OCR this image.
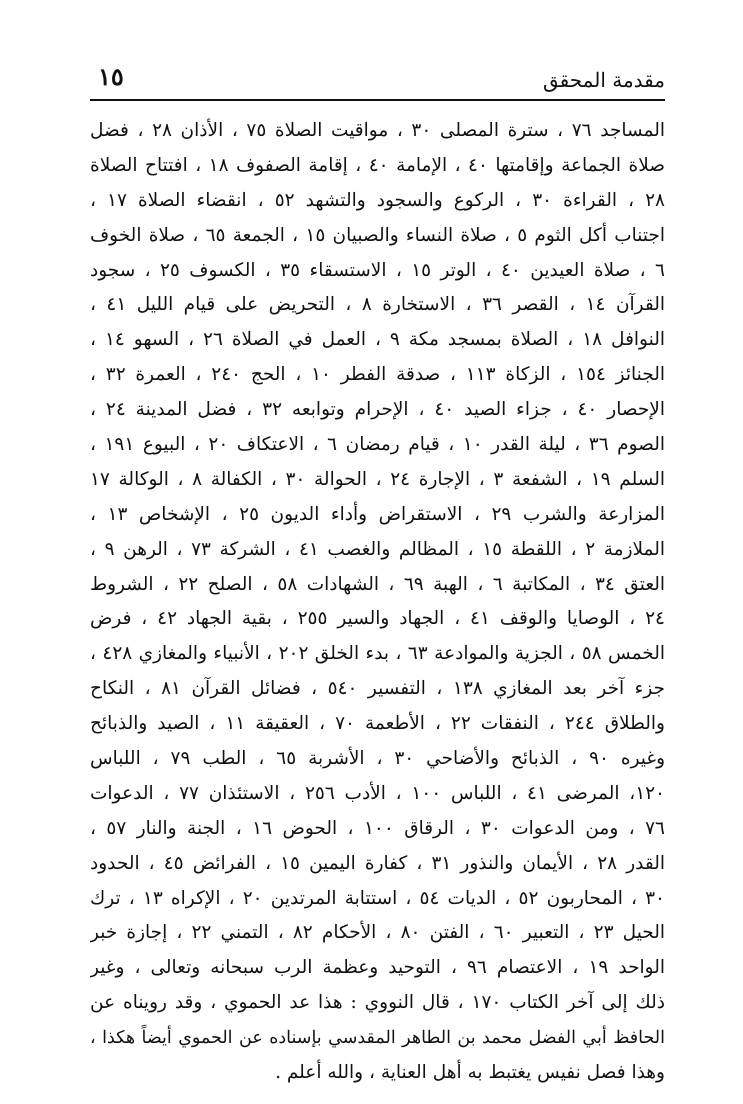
١٥	مقدمة المحقق
المساجد ٧٦ ، سترة المصلى ٣٠ ، مواقيت الصلاة ٧٥ ، الأذان ٢٨ ، فضل
صلاة الجماعة وإقامتها ٤٠ ، الإمامة ٤٠ ، إقامة الصفوف ١٨ ، افتتاح الصلاة
٢٨ ، القراءة ٣٠ ، الركوع والسجود والتشهد ٥٢ ، انقضاء الصلاة ١٧ ،
اجتناب أكل الثوم ٥ ، صلاة النساء والصبيان ١٥ ، الجمعة ٦٥ ، صلاة الخوف
٦ ، صلاة العيدين ٤٠ ، الوتر ١٥ ، الاستسقاء ٣٥ ، الكسوف ٢٥ ، سجود
القرآن ١٤ ، القصر ٣٦ ، الاستخارة ٨ ، التحريض على قيام الليل ٤١ ،
النوافل ١٨ ، الصلاة بمسجد مكة ٩ ، العمل في الصلاة ٢٦ ، السهو ١٤ ،
الجنائز ١٥٤ ، الزكاة ١١٣ ، صدقة الفطر ١٠ ، الحج ٢٤٠ ، العمرة ٣٢ ،
الإحصار ٤٠ ، جزاء الصيد ٤٠ ، الإحرام وتوابعه ٣٢ ، فضل المدينة ٢٤ ،
الصوم ٣٦ ، ليلة القدر ١٠ ، قيام رمضان ٦ ، الاعتكاف ٢٠ ، البيوع ١٩١ ،
السلم ١٩ ، الشفعة ٣ ، الإجارة ٢٤ ، الحوالة ٣٠ ، الكفالة ٨ ، الوكالة ١٧
المزارعة والشرب ٢٩ ، الاستقراض وأداء الديون ٢٥ ، الإشخاص ١٣ ،
الملازمة ٢ ، اللقطة ١٥ ، المظالم والغصب ٤١ ، الشركة ٧٣ ، الرهن ٩ ،
العتق ٣٤ ، المكاتبة ٦ ، الهبة ٦٩ ، الشهادات ٥٨ ، الصلح ٢٢ ، الشروط
٢٤ ، الوصايا والوقف ٤١ ، الجهاد والسير ٢٥٥ ، بقية الجهاد ٤٢ ، فرض
الخمس ٥٨ ، الجزية والموادعة ٦٣ ، بدء الخلق ٢٠٢ ، الأنبياء والمغازي ٤٢٨ ،
جزء آخر بعد المغازي ١٣٨ ، التفسير ٥٤٠ ، فضائل القرآن ٨١ ، النكاح
والطلاق ٢٤٤ ، النفقات ٢٢ ، الأطعمة ٧٠ ، العقيقة ١١ ، الصيد والذبائح
وغيره ٩٠ ، الذبائح والأضاحي ٣٠ ، الأشربة ٦٥ ، الطب ٧٩ ، اللباس
١٢٠، المرضى ٤١ ، اللباس ١٠٠ ، الأدب ٢٥٦ ، الاستئذان ٧٧ ، الدعوات
٧٦ ، ومن الدعوات ٣٠ ، الرقاق ١٠٠ ، الحوض ١٦ ، الجنة والنار ٥٧ ،
القدر ٢٨ ، الأيمان والنذور ٣١ ، كفارة اليمين ١٥ ، الفرائض ٤٥ ، الحدود
٣٠ ، المحاربون ٥٢ ، الديات ٥٤ ، استتابة المرتدين ٢٠ ، الإكراه ١٣ ، ترك
الحيل ٢٣ ، التعبير ٦٠ ، الفتن ٨٠ ، الأحكام ٨٢ ، التمني ٢٢ ، إجازة خبر
الواحد ١٩ ، الاعتصام ٩٦ ، التوحيد وعظمة الرب سبحانه وتعالى ، وغير
ذلك إلى آخر الكتاب ١٧٠ ، قال النووي : هذا عد الحموي ، وقد رويناه عن
الحافظ أبي الفضل محمد بن الطاهر المقدسي بإسناده عن الحموي أيضاً هكذا ،
وهذا فصل نفيس يغتبط به أهل العناية ، والله أعلم .
